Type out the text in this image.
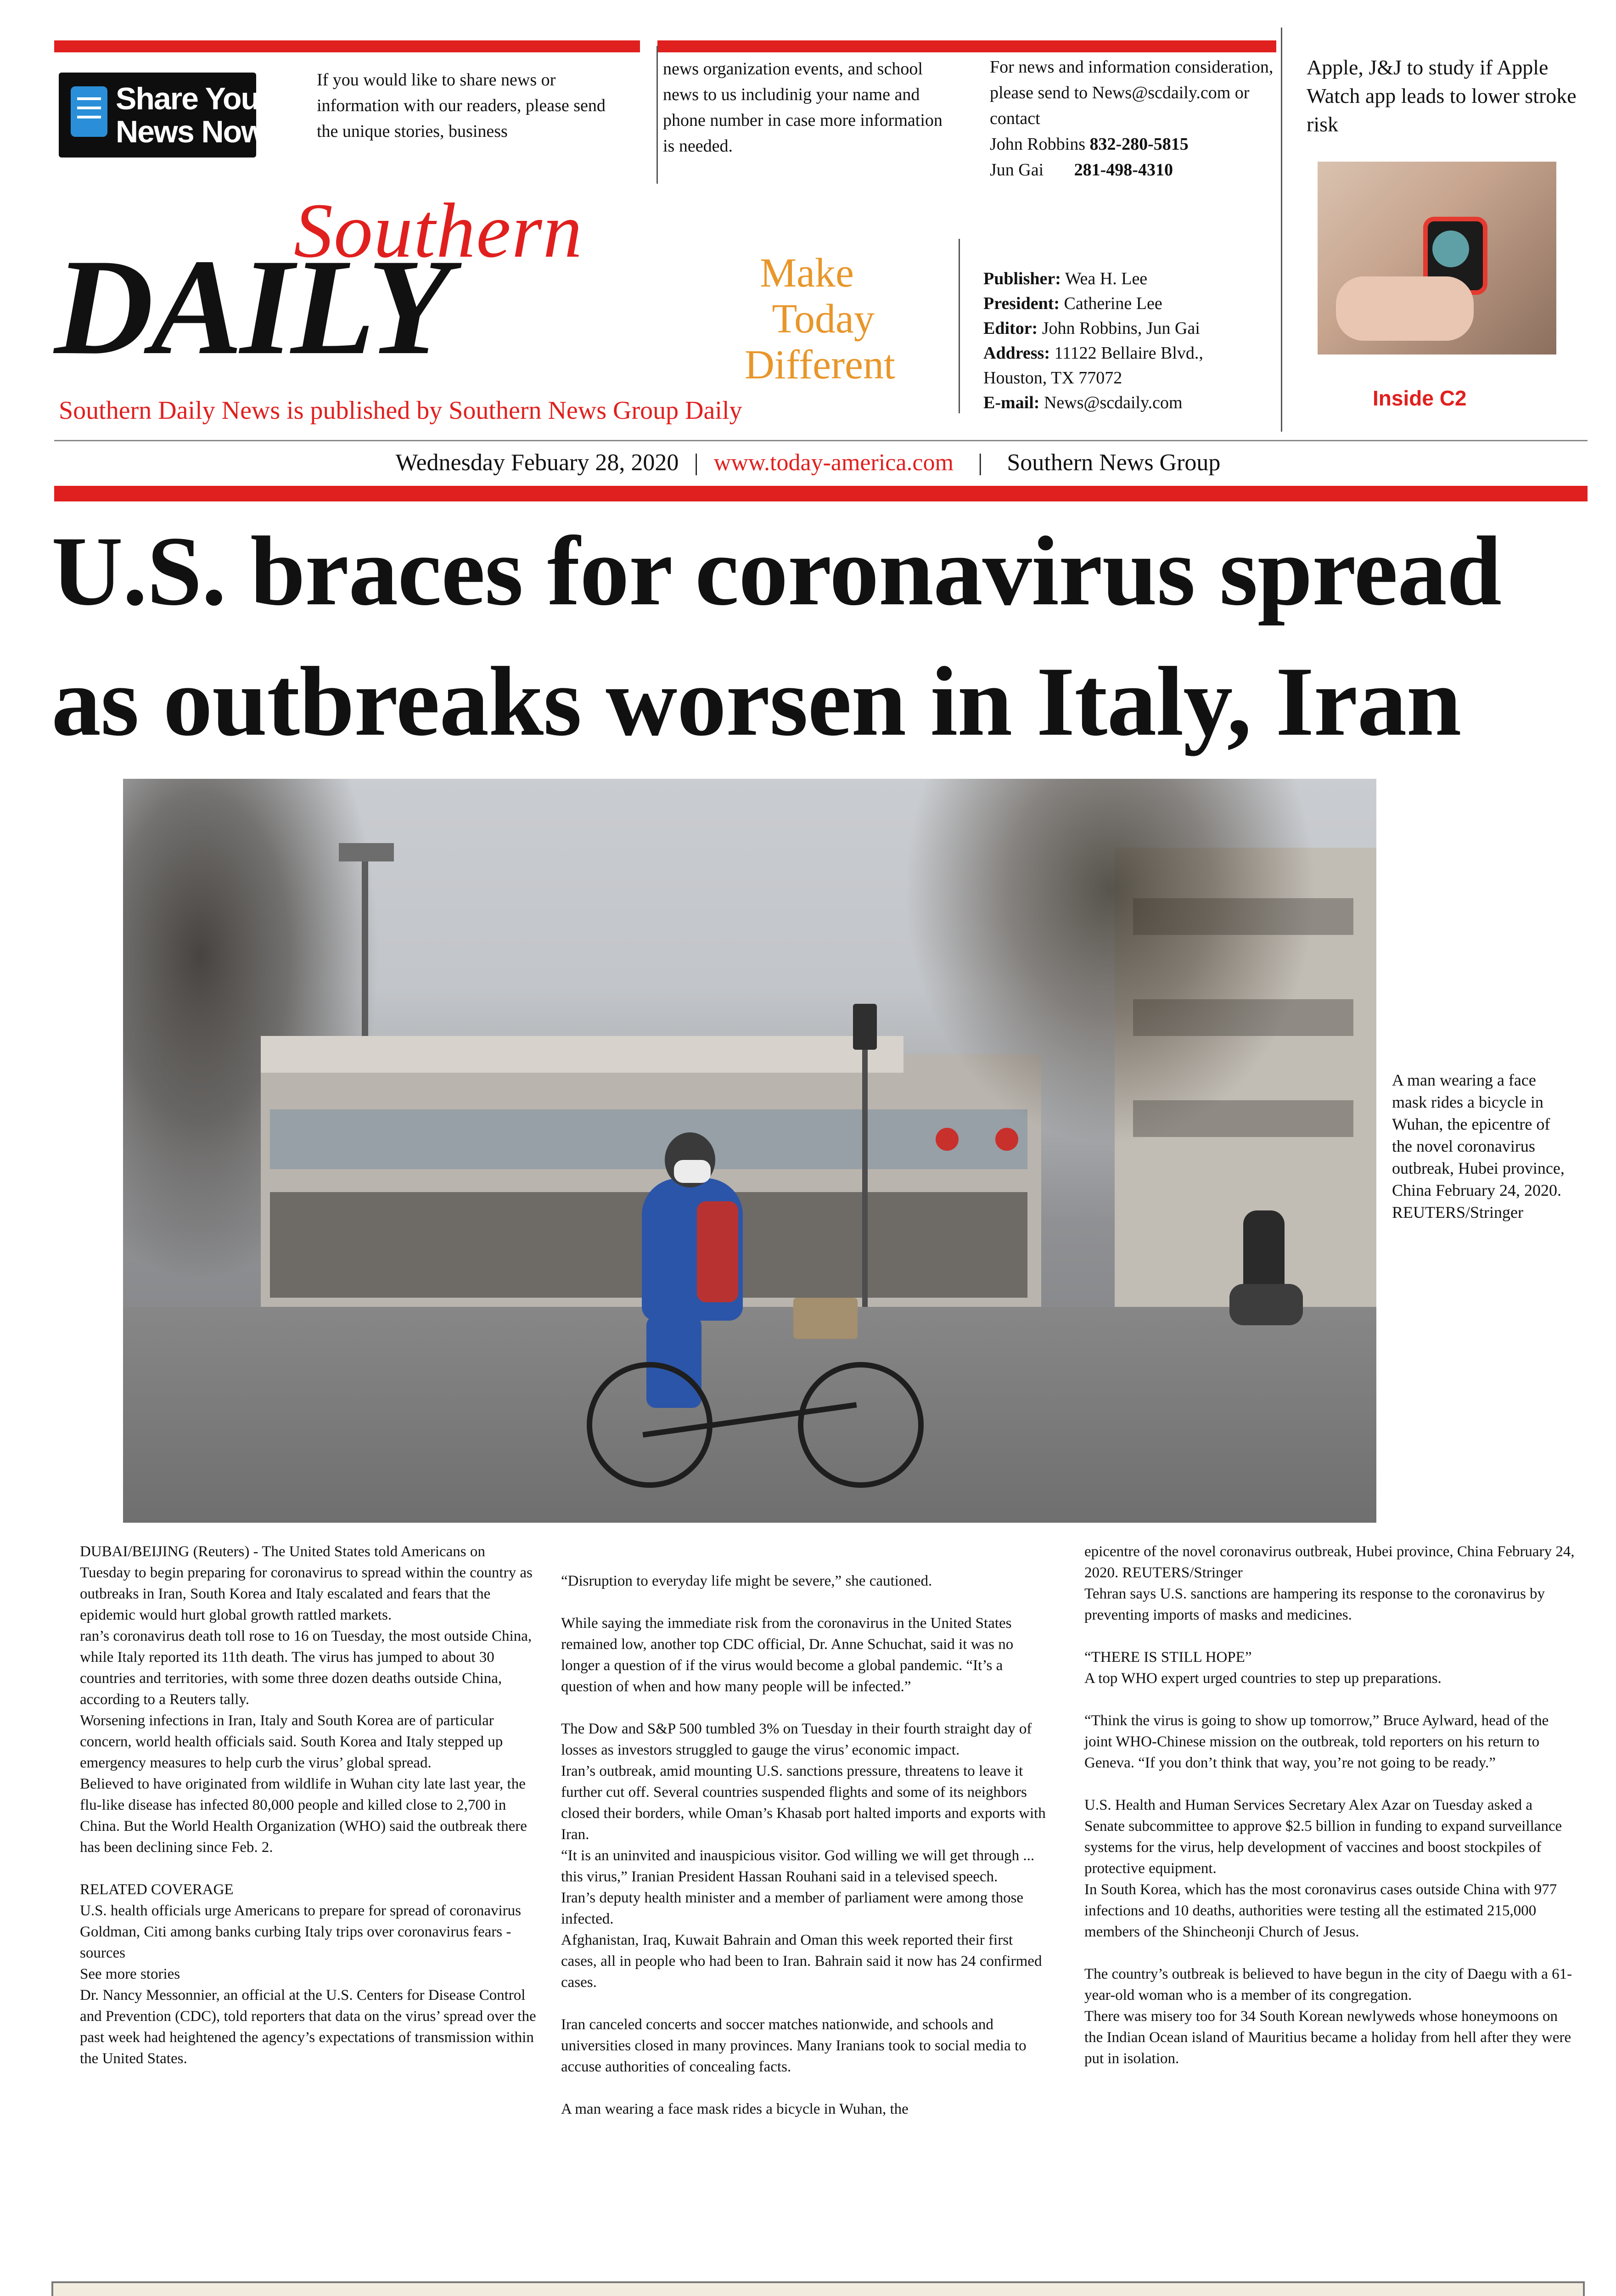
Share Your
News Now
If you would like to share news or information with our readers, please send the unique stories, business
news organization events, and school news to us includinig your name and phone number in case more information is needed.
For news and information consideration, please send to News@scdaily.com or contact
John Robbins 832-280-5815
Jun Gai 281-498-4310
Southern
DAILY	Make
Today
Different
Southern Daily News is published by Southern News Group Daily
Publisher: Wea H. Lee
President: Catherine Lee
Editor: John Robbins, Jun Gai
Address: 11122 Bellaire Blvd.,
Houston, TX 77072
E-mail: News@scdaily.com
Apple, J&J to study if Apple Watch app leads to lower stroke risk
Inside C2
Wednesday Febuary 28, 2020 | www.today-america.com | Southern News Group
U.S. braces for coronavirus spread
as outbreaks worsen in Italy, Iran
A man wearing a face mask rides a bicycle in Wuhan, the epicentre of the novel coronavirus outbreak, Hubei province, China February 24, 2020. REUTERS/Stringer

DUBAI/BEIJING (Reuters) - The United States told Americans on Tuesday to begin preparing for coronavirus to spread within the country as outbreaks in Iran, South Korea and Italy escalated and fears that the epidemic would hurt global growth rattled markets.

ran’s coronavirus death toll rose to 16 on Tuesday, the most outside China, while Italy reported its 11th death. The virus has jumped to about 30 countries and territories, with some three dozen deaths outside China, according to a Reuters tally.

Worsening infections in Iran, Italy and South Korea are of particular concern, world health officials said. South Korea and Italy stepped up emergency measures to help curb the virus’ global spread.

Believed to have originated from wildlife in Wuhan city late last year, the flu-like disease has infected 80,000 people and killed close to 2,700 in China. But the World Health Organization (WHO) said the outbreak there has been declining since Feb. 2.

RELATED COVERAGE

U.S. health officials urge Americans to prepare for spread of coronavirus

Goldman, Citi among banks curbing Italy trips over coronavirus fears - sources

See more stories

Dr. Nancy Messonnier, an official at the U.S. Centers for Disease Control and Prevention (CDC), told reporters that data on the virus’ spread over the past week had heightened the agency’s expectations of transmission within the United States.

“Disruption to everyday life might be severe,” she cautioned.

While saying the immediate risk from the coronavirus in the United States remained low, another top CDC official, Dr. Anne Schuchat, said it was no longer a question of if the virus would become a global pandemic. “It’s a question of when and how many people will be infected.”

The Dow and S&P 500 tumbled 3% on Tuesday in their fourth straight day of losses as investors struggled to gauge the virus’ economic impact.

Iran’s outbreak, amid mounting U.S. sanctions pressure, threatens to leave it further cut off. Several countries suspended flights and some of its neighbors closed their borders, while Oman’s Khasab port halted imports and exports with Iran.

“It is an uninvited and inauspicious visitor. God willing we will get through ... this virus,” Iranian President Hassan Rouhani said in a televised speech.

Iran’s deputy health minister and a member of parliament were among those infected.

Afghanistan, Iraq, Kuwait Bahrain and Oman this week reported their first cases, all in people who had been to Iran. Bahrain said it now has 24 confirmed cases.

Iran canceled concerts and soccer matches nationwide, and schools and universities closed in many provinces. Many Iranians took to social media to accuse authorities of concealing facts.

A man wearing a face mask rides a bicycle in Wuhan, the

epicentre of the novel coronavirus outbreak, Hubei province, China February 24, 2020. REUTERS/Stringer

Tehran says U.S. sanctions are hampering its response to the coronavirus by preventing imports of masks and medicines.

“THERE IS STILL HOPE”

A top WHO expert urged countries to step up preparations.

“Think the virus is going to show up tomorrow,” Bruce Aylward, head of the joint WHO-Chinese mission on the outbreak, told reporters on his return to Geneva. “If you don’t think that way, you’re not going to be ready.”

U.S. Health and Human Services Secretary Alex Azar on Tuesday asked a Senate subcommittee to approve $2.5 billion in funding to expand surveillance systems for the virus, help development of vaccines and boost stockpiles of protective equipment.

In South Korea, which has the most coronavirus cases outside China with 977 infections and 10 deaths, authorities were testing all the estimated 215,000 members of the Shincheonji Church of Jesus.

The country’s outbreak is believed to have begun in the city of Daegu with a 61-year-old woman who is a member of its congregation.

There was misery too for 34 South Korean newlyweds whose honeymoons on the Indian Ocean island of Mauritius became a holiday from hell after they were put in isolation.
